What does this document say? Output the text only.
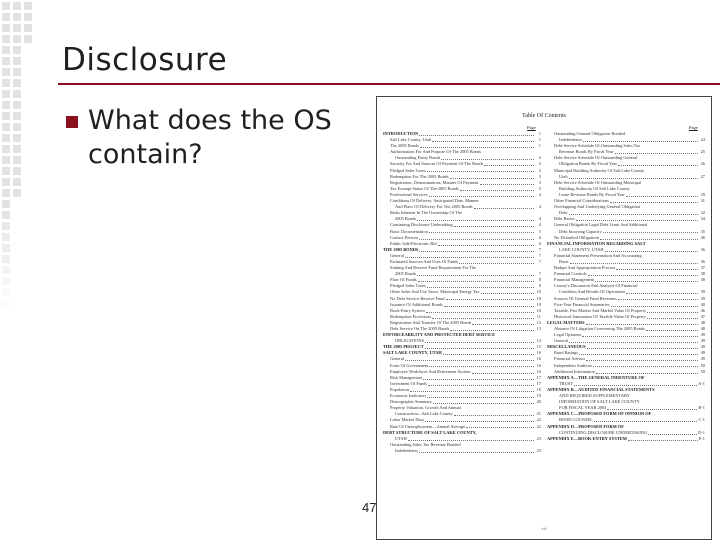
Disclosure
What does the OS contain?
47
Table Of Contents
Page	Page
INTRODUCTION	1
Salt Lake County, Utah	1
The 2005 Bonds	1
Authorization For And Purpose Of The 2005 Bonds
Outstanding Parity Bonds	2
Security For And Sources Of Payment Of The Bonds	2
Pledged Sales Taxes	2
Redemption For The 2005 Bonds	3
Registration, Denominations, Manner Of Payment	3
Tax Exempt Status Of The 2005 Bonds	3
Professional Services	4
Conditions Of Delivery, Anticipated Date, Manner
And Place Of Delivery For The 2005 Bonds	4
Risks Inherent In The Ownership Of The
2005 Bonds	4
Continuing Disclosure Undertaking	4
Basic Documentation	5
Contact Persons	6
Public Sale/Electronic Bid	6
THE 2005 BONDS	7
General	7
Estimated Sources And Uses Of Funds	7
Sinking And Reserve Fund Requirement For The
2005 Bonds	7
Flow Of Funds	8
Pledged Sales Taxes	8
Other Sales And Use Taxes; Municipal Energy Tax	10
No Debt Service Reserve Fund	10
Issuance Of Additional Bonds	10
Book-Entry System	10
Redemption Provisions	11
Registration And Transfer Of The 2005 Bonds	12
Debt Service On The 2005 Bonds	13
ENFORCEABILITY AND PROTECTED DEBT SERVICE
OBLIGATIONS	14
THE 2005 PROJECT	15
SALT LAKE COUNTY, UTAH	16
General	16
Form Of Government	16
Employee Workforce And Retirement System	16
Risk Management	17
Investment Of Funds	17
Population	18
Economic Indicators	19
Demographic Summary	20
Property Valuation, Growth And Annual
Construction—Salt Lake County	21
Labor Market Data	22
Rate Of Unemployment—Annual Average	22
DEBT STRUCTURE OF SALT LAKE COUNTY,
UTAH	23
Outstanding Sales Tax Revenue Bonded
Indebtedness	23
Outstanding General Obligation Bonded
Indebtedness	24
Debt Service Schedule Of Outstanding Sales Tax
Revenue Bonds By Fiscal Year	25
Debt Service Schedule Of Outstanding General
Obligation Bonds By Fiscal Year	26
Municipal Building Authority Of Salt Lake County,
Utah	27
Debt Service Schedule Of Outstanding Municipal
Building Authority Of Salt Lake County
Lease Revenue Bonds By Fiscal Year	29
Other Financial Considerations	31
Overlapping And Underlying General Obligation
Debt	32
Debt Ratios	34
General Obligation Legal Debt Limit And Additional
Debt Incurring Capacity	35
No Defaulted Obligations	36
FINANCIAL INFORMATION REGARDING SALT
LAKE COUNTY, UTAH	36
Financial Statement Presentation And Accounting
Basis	36
Budget And Appropriation Process	37
Financial Controls	38
Financial Management	38
County's Discussion And Analysis Of Financial
Condition And Results Of Operations	39
Sources Of General Fund Revenues	39
Five-Year Financial Summaries	40
Taxable, Fair Market And Market Value Of Property	46
Historical Summaries Of Taxable Value Of Property	47
LEGAL MATTERS	48
Absence Of Litigation Concerning The 2005 Bonds	48
Legal Opinions	49
General	49
MISCELLANEOUS	49
Bond Ratings	49
Financial Advisor	49
Independent Auditors	50
Additional Information	50
APPENDIX A—THE GENERAL INDENTURE OF
TRUST	A-1
APPENDIX B—AUDITED FINANCIAL STATEMENTS
AND REQUIRED SUPPLEMENTARY
INFORMATION OF SALT LAKE COUNTY
FOR FISCAL YEAR 2003	B-1
APPENDIX C—PROPOSED FORM OF OPINION OF
BOND COUNSEL	C-1
APPENDIX D—PROPOSED FORM OF
CONTINUING DISCLOSURE UNDERTAKING	D-1
APPENDIX E—BOOK-ENTRY SYSTEM	E-1
i-ii
